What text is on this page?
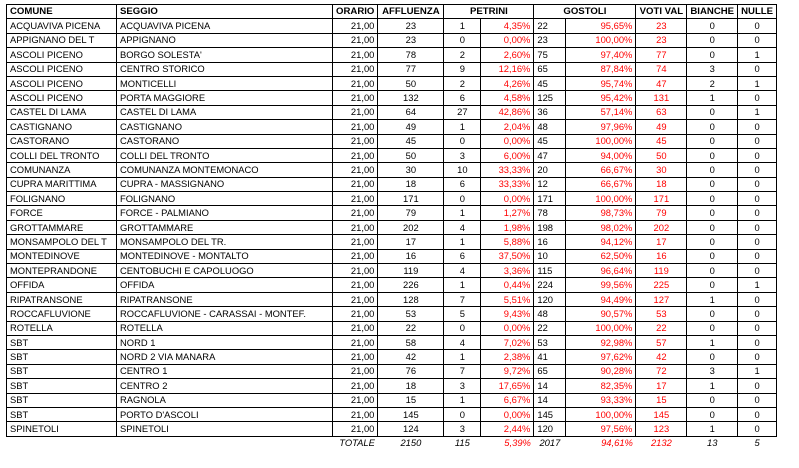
COMUNE	SEGGIO	ORARIO	AFFLUENZA	PETRINI		GOSTOLI		VOTI VAL	BIANCHE	NULLE
ACQUAVIVA PICENA	ACQUAVIVA PICENA	21,00	23	1	4,35%	22	95,65%	23	0	0
APPIGNANO DEL T	APPIGNANO	21,00	23	0	0,00%	23	100,00%	23	0	0
ASCOLI PICENO	BORGO SOLESTA'	21,00	78	2	2,60%	75	97,40%	77	0	1
ASCOLI PICENO	CENTRO STORICO	21,00	77	9	12,16%	65	87,84%	74	3	0
ASCOLI PICENO	MONTICELLI	21,00	50	2	4,26%	45	95,74%	47	2	1
ASCOLI PICENO	PORTA MAGGIORE	21,00	132	6	4,58%	125	95,42%	131	1	0
CASTEL DI LAMA	CASTEL DI LAMA	21,00	64	27	42,86%	36	57,14%	63	0	1
CASTIGNANO	CASTIGNANO	21,00	49	1	2,04%	48	97,96%	49	0	0
CASTORANO	CASTORANO	21,00	45	0	0,00%	45	100,00%	45	0	0
COLLI DEL TRONTO	COLLI DEL TRONTO	21,00	50	3	6,00%	47	94,00%	50	0	0
COMUNANZA	COMUNANZA MONTEMONACO	21,00	30	10	33,33%	20	66,67%	30	0	0
CUPRA MARITTIMA	CUPRA - MASSIGNANO	21,00	18	6	33,33%	12	66,67%	18	0	0
FOLIGNANO	FOLIGNANO	21,00	171	0	0,00%	171	100,00%	171	0	0
FORCE	FORCE - PALMIANO	21,00	79	1	1,27%	78	98,73%	79	0	0
GROTTAMMARE	GROTTAMMARE	21,00	202	4	1,98%	198	98,02%	202	0	0
MONSAMPOLO DEL T	MONSAMPOLO DEL TR.	21,00	17	1	5,88%	16	94,12%	17	0	0
MONTEDINOVE	MONTEDINOVE - MONTALTO	21,00	16	6	37,50%	10	62,50%	16	0	0
MONTEPRANDONE	CENTOBUCHI E CAPOLUOGO	21,00	119	4	3,36%	115	96,64%	119	0	0
OFFIDA	OFFIDA	21,00	226	1	0,44%	224	99,56%	225	0	1
RIPATRANSONE	RIPATRANSONE	21,00	128	7	5,51%	120	94,49%	127	1	0
ROCCAFLUVIONE	ROCCAFLUVIONE - CARASSAI - MONTEF.	21,00	53	5	9,43%	48	90,57%	53	0	0
ROTELLA	ROTELLA	21,00	22	0	0,00%	22	100,00%	22	0	0
SBT	NORD 1	21,00	58	4	7,02%	53	92,98%	57	1	0
SBT	NORD 2 VIA MANARA	21,00	42	1	2,38%	41	97,62%	42	0	0
SBT	CENTRO 1	21,00	76	7	9,72%	65	90,28%	72	3	1
SBT	CENTRO 2	21,00	18	3	17,65%	14	82,35%	17	1	0
SBT	RAGNOLA	21,00	15	1	6,67%	14	93,33%	15	0	0
SBT	PORTO D'ASCOLI	21,00	145	0	0,00%	145	100,00%	145	0	0
SPINETOLI	SPINETOLI	21,00	124	3	2,44%	120	97,56%	123	1	0
		TOTALE	2150	115	5,39%	2017	94,61%	2132	13	5
